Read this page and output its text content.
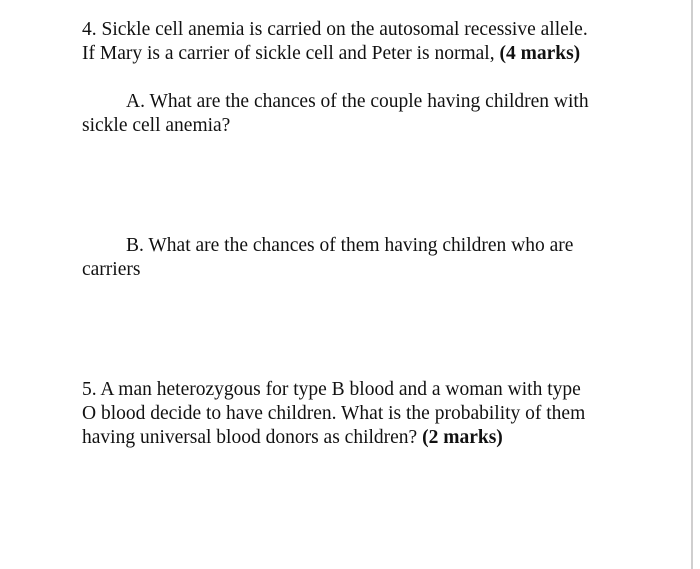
4. Sickle cell anemia is carried on the autosomal recessive allele.
If Mary is a carrier of sickle cell and Peter is normal, (4 marks)
A. What are the chances of the couple having children with
sickle cell anemia?
B. What are the chances of them having children who are
carriers
5. A man heterozygous for type B blood and a woman with type
O blood decide to have children. What is the probability of them
having universal blood donors as children? (2 marks)
